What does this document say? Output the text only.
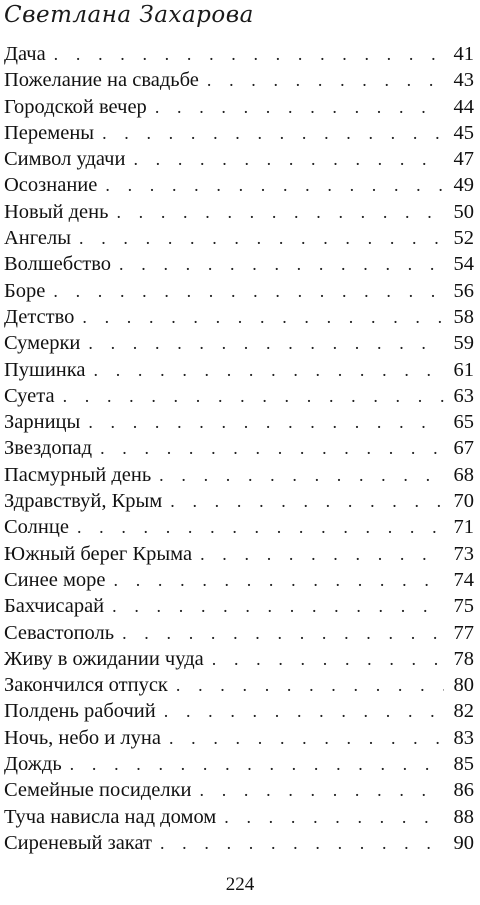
Светлана Захарова
Дача . . .	41
Пожелание на свадьбе . . .	43
Городской вечер . . .	44
Перемены . . .	45
Символ удачи . . .	47
Осознание . . .	49
Новый день . . .	50
Ангелы . . .	52
Волшебство . . .	54
Боре . . .	56
Детство . . .	58
Сумерки . . .	59
Пушинка . . .	61
Суета . . .	63
Зарницы . . .	65
Звездопад . . .	67
Пасмурный день . . .	68
Здравствуй, Крым . . .	70
Солнце . . .	71
Южный берег Крыма . . .	73
Синее море . . .	74
Бахчисарай . . .	75
Севастополь . . .	77
Живу в ожидании чуда . . .	78
Закончился отпуск . . .	80
Полдень рабочий . . .	82
Ночь, небо и луна . . .	83
Дождь . . .	85
Семейные посиделки . . .	86
Туча нависла над домом . . .	88
Сиреневый закат . . .	90
224
